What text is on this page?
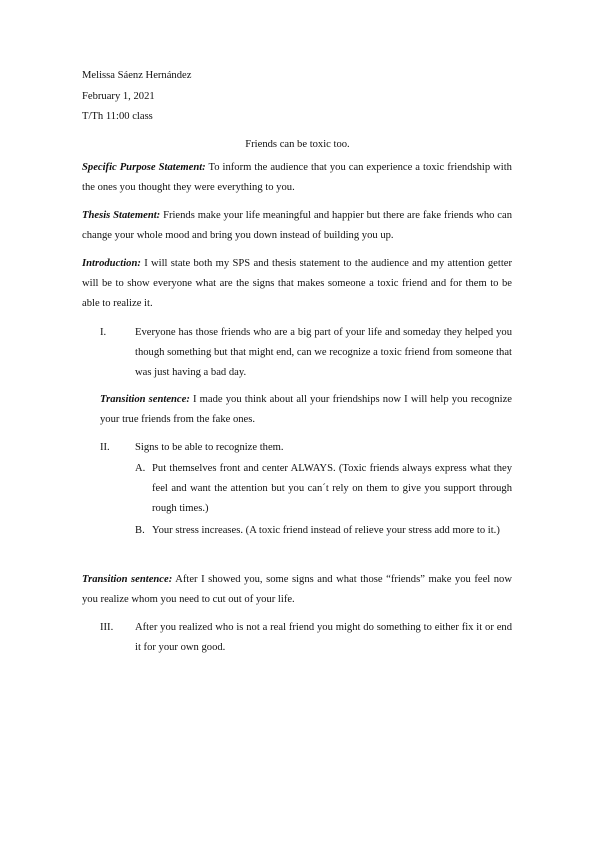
Melissa Sáenz Hernández
February 1, 2021
T/Th 11:00 class
Friends can be toxic too.
Specific Purpose Statement: To inform the audience that you can experience a toxic friendship with the ones you thought they were everything to you.
Thesis Statement: Friends make your life meaningful and happier but there are fake friends who can change your whole mood and bring you down instead of building you up.
Introduction: I will state both my SPS and thesis statement to the audience and my attention getter will be to show everyone what are the signs that makes someone a toxic friend and for them to be able to realize it.
I.	Everyone has those friends who are a big part of your life and someday they helped you though something but that might end, can we recognize a toxic friend from someone that was just having a bad day.
Transition sentence: I made you think about all your friendships now I will help you recognize your true friends from the fake ones.
II. Signs to be able to recognize them.
A. Put themselves front and center ALWAYS. (Toxic friends always express what they feel and want the attention but you can´t rely on them to give you support through rough times.)
B. Your stress increases. (A toxic friend instead of relieve your stress add more to it.)
Transition sentence: After I showed you, some signs and what those “friends” make you feel now you realize whom you need to cut out of your life.
III. After you realized who is not a real friend you might do something to either fix it or end it for your own good.
